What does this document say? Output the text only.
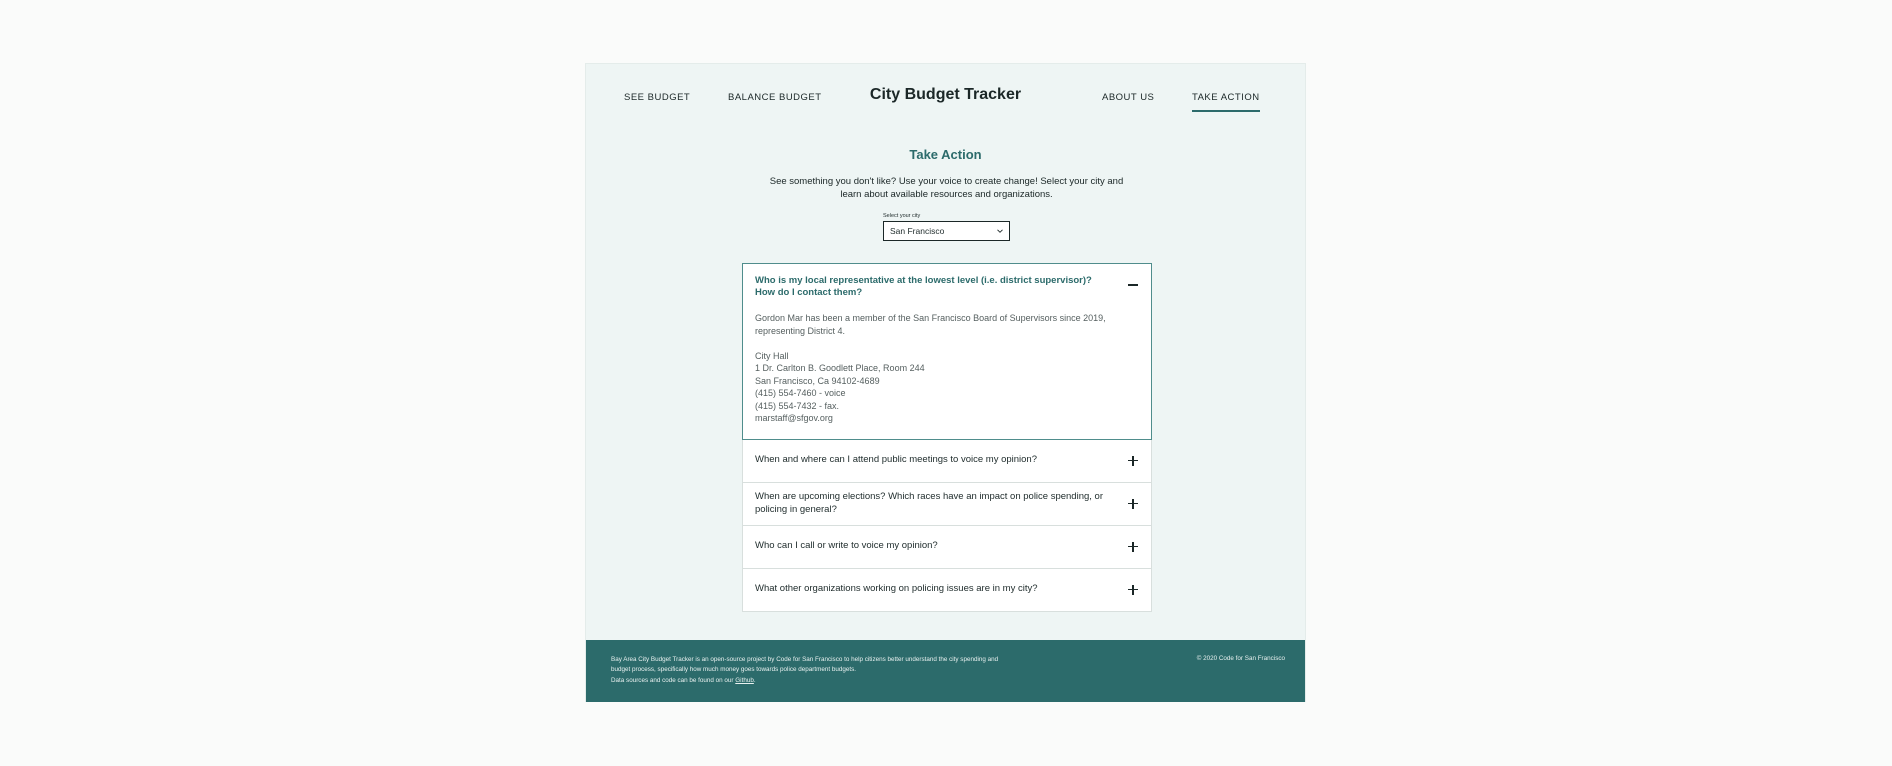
SEE BUDGET	BALANCE BUDGET	City Budget Tracker	ABOUT US	TAKE ACTION
Take Action
See something you don't like? Use your voice to create change! Select your city and learn about available resources and organizations.
Select your city
San Francisco
Who is my local representative at the lowest level (i.e. district supervisor)? How do I contact them?

Gordon Mar has been a member of the San Francisco Board of Supervisors since 2019, representing District 4.

City Hall

1 Dr. Carlton B. Goodlett Place, Room 244

San Francisco, Ca 94102-4689

(415) 554-7460 - voice

(415) 554-7432 - fax.

marstaff@sfgov.org

When and where can I attend public meetings to voice my opinion?
When are upcoming elections? Which races have an impact on police spending, or policing in general?
Who can I call or write to voice my opinion?
What other organizations working on policing issues are in my city?
Bay Area City Budget Tracker is an open-source project by Code for San Francisco to help citizens better understand the city spending and budget process, specifically how much money goes towards police department budgets.
Data sources and code can be found on our Github.
© 2020 Code for San Francisco
